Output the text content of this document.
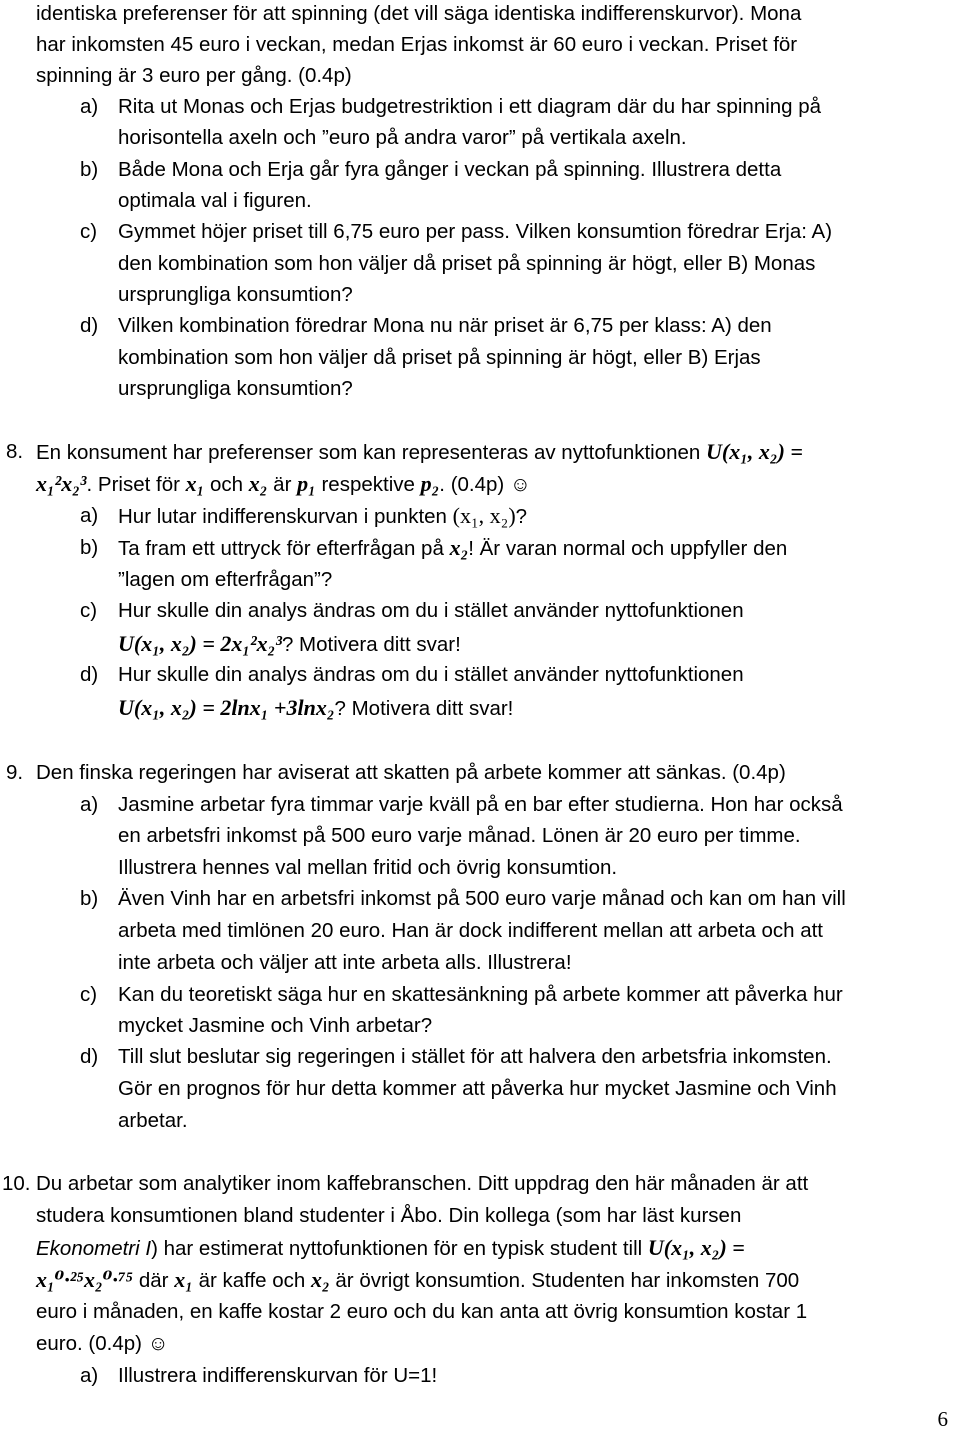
identiska preferenser för att spinning (det vill säga identiska indifferenskurvor). Mona
har inkomsten 45 euro i veckan, medan Erjas inkomst är 60 euro i veckan. Priset för
spinning är 3 euro per gång. (0.4p)
a) Rita ut Monas och Erjas budgetrestriktion i ett diagram där du har spinning på
horisontella axeln och ”euro på andra varor” på vertikala axeln.
b) Både Mona och Erja går fyra gånger i veckan på spinning. Illustrera detta
optimala val i figuren.
c) Gymmet höjer priset till 6,75 euro per pass. Vilken konsumtion föredrar Erja: A)
den kombination som hon väljer då priset på spinning är högt, eller B) Monas
ursprungliga konsumtion?
d) Vilken kombination föredrar Mona nu när priset är 6,75 per klass: A) den
kombination som hon väljer då priset på spinning är högt, eller B) Erjas
ursprungliga konsumtion?
8. En konsument har preferenser som kan representeras av nyttofunktionen U(x₁, x₂) =
x₁²x₂³. Priset för x₁ och x₂ är p₁ respektive p₂. (0.4p) ☺
a) Hur lutar indifferenskurvan i punkten (x₁, x₂)?
b) Ta fram ett uttryck för efterfrågan på x₂! Är varan normal och uppfyller den
”lagen om efterfrågan”?
c) Hur skulle din analys ändras om du i stället använder nyttofunktionen
U(x₁, x₂) = 2x₁²x₂³? Motivera ditt svar!
d) Hur skulle din analys ändras om du i stället använder nyttofunktionen
U(x₁, x₂) = 2lnx₁ +3lnx₂? Motivera ditt svar!
9. Den finska regeringen har aviserat att skatten på arbete kommer att sänkas. (0.4p)
a) Jasmine arbetar fyra timmar varje kväll på en bar efter studierna. Hon har också
en arbetsfri inkomst på 500 euro varje månad. Lönen är 20 euro per timme.
Illustrera hennes val mellan fritid och övrig konsumtion.
b) Även Vinh har en arbetsfri inkomst på 500 euro varje månad och kan om han vill
arbeta med timlönen 20 euro. Han är dock indifferent mellan att arbeta och att
inte arbeta och väljer att inte arbeta alls. Illustrera!
c) Kan du teoretiskt säga hur en skattesänkning på arbete kommer att påverka hur
mycket Jasmine och Vinh arbetar?
d) Till slut beslutar sig regeringen i stället för att halvera den arbetsfria inkomsten.
Gör en prognos för hur detta kommer att påverka hur mycket Jasmine och Vinh
arbetar.
10. Du arbetar som analytiker inom kaffebranschen. Ditt uppdrag den här månaden är att
studera konsumtionen bland studenter i Åbo. Din kollega (som har läst kursen
Ekonometri I) har estimerat nyttofunktionen för en typisk student till U(x₁, x₂) =
x₁⁰·²⁵x₂⁰·⁷⁵ där x₁ är kaffe och x₂ är övrigt konsumtion. Studenten har inkomsten 700
euro i månaden, en kaffe kostar 2 euro och du kan anta att övrig konsumtion kostar 1
euro. (0.4p) ☺
a) Illustrera indifferenskurvan för U=1!
6
